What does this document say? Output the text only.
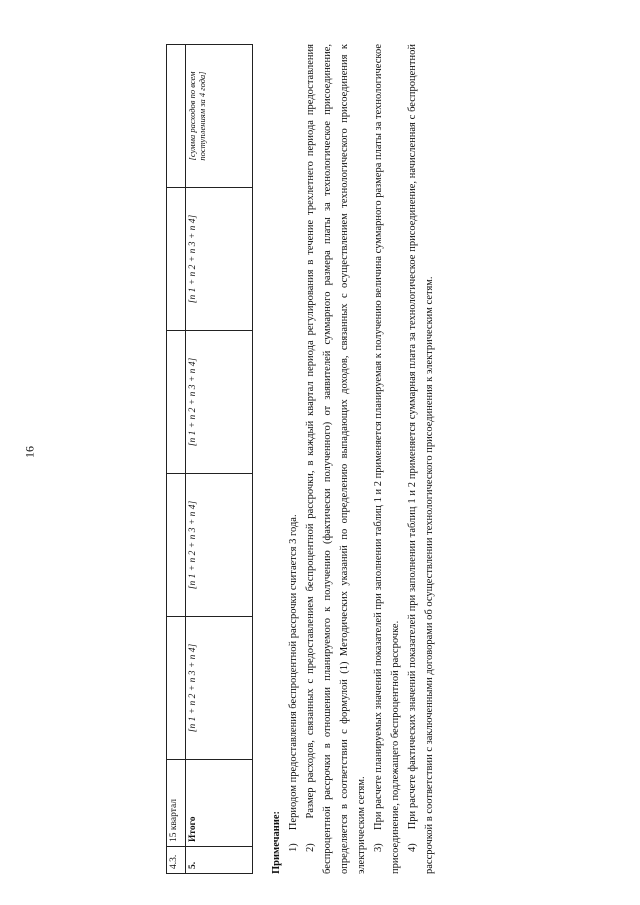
16
4.3.	15 квартал					
5.	Итого	[n 1 + n 2 + n 3 + n 4]	[n 1 + n 2 + n 3 + n 4]	[n 1 + n 2 + n 3 + n 4]	[n 1 + n 2 + n 3 + n 4]	[сумма расходов по всем поступлениям за 4 года]

Примечание: 1)     Периодом предоставления беспроцентной рассрочки считается 3 года. 2)     Размер расходов, связанных с предоставлением беспроцентной рассрочки, в каждый квартал периода регулирования в течение трехлетнего периода предоставления беспроцентной рассрочки в отношении планируемого к получению (фактически полученного) от заявителей суммарного размера платы за технологическое присоединение, определяется в соответствии с формулой (1) Методических указаний по определению выпадающих доходов, связанных с осуществлением технологического присоединения к электрическим сетям. 3)     При расчете планируемых значений показателей при заполнении таблиц 1 и 2 применяется планируемая к получению величина суммарного размера платы за технологическое присоединение, подлежащего беспроцентной рассрочке. 4)     При расчете фактических значений показателей при заполнении таблиц 1 и 2 применяется суммарная плата за технологическое присоединение, начисленная с беспроцентной рассрочкой в соответствии с заключенными договорами об осуществлении технологического присоединения к электрическим сетям.
